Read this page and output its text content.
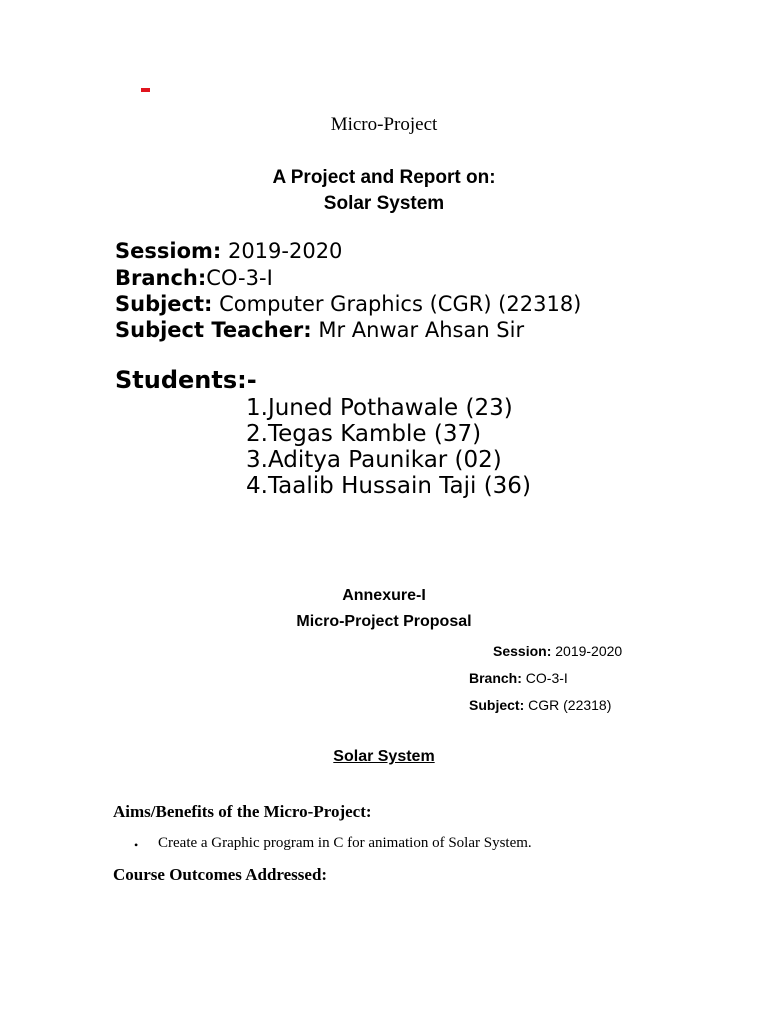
Micro-Project
A Project and Report on:
Solar System
Sessiom: 2019-2020
Branch:CO-3-I
Subject: Computer Graphics (CGR) (22318)
Subject Teacher: Mr Anwar Ahsan Sir
Students:-
1.Juned Pothawale (23)
2.Tegas Kamble (37)
3.Aditya Paunikar (02)
4.Taalib Hussain Taji (36)
Annexure-I
Micro-Project Proposal
Session: 2019-2020
Branch: CO-3-I
Subject: CGR (22318)
Solar System
Aims/Benefits of the Micro-Project:
• Create a Graphic program in C for animation of Solar System.
Course Outcomes Addressed:
